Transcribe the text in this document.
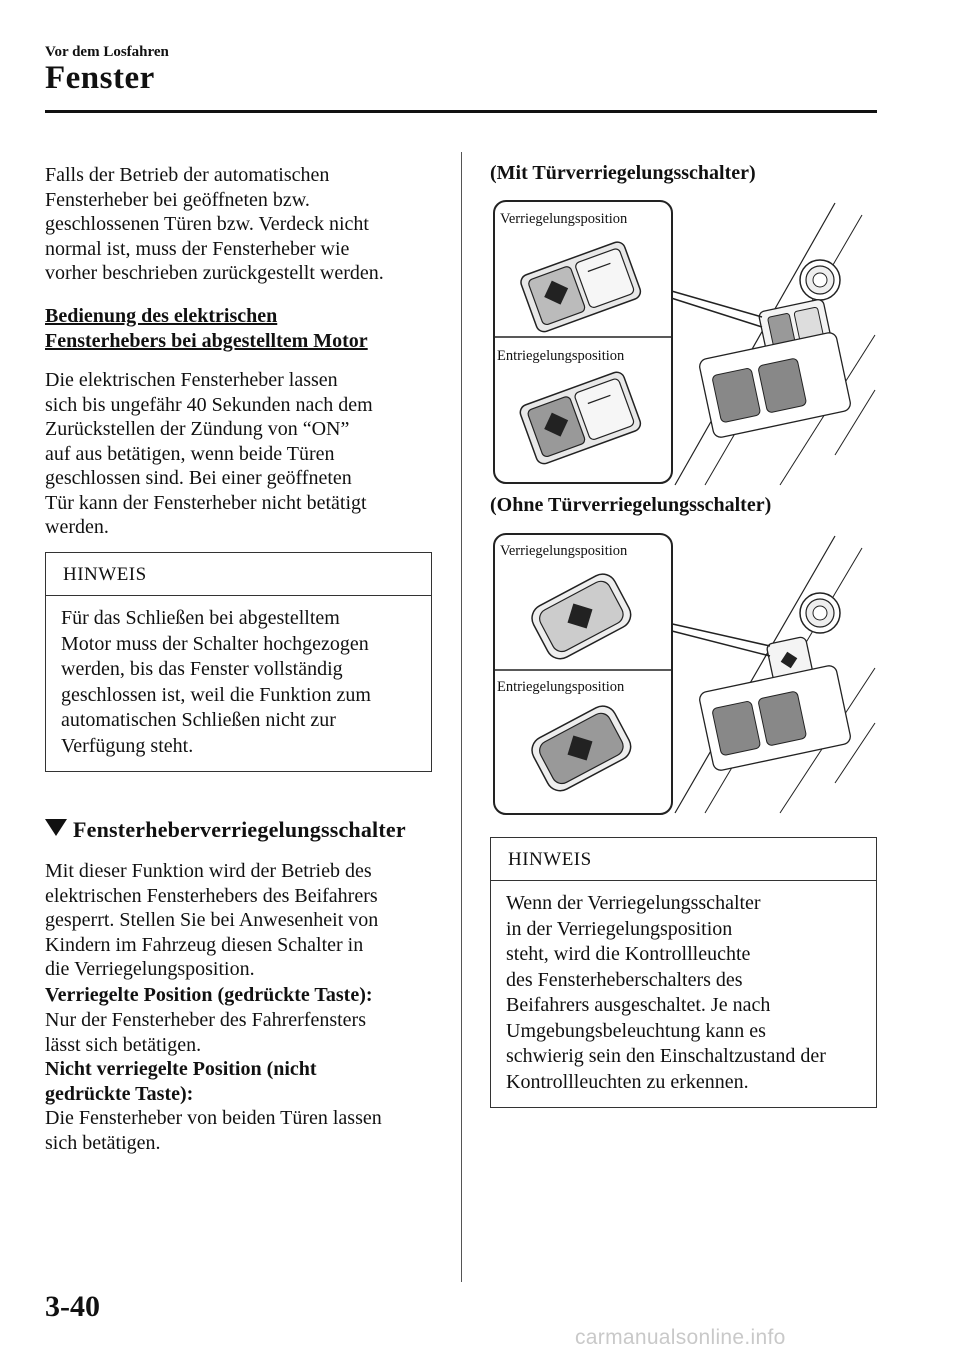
Vor dem Losfahren
Fenster
Falls der Betrieb der automatischen
Fensterheber bei geöffneten bzw.
geschlossenen Türen bzw. Verdeck nicht
normal ist, muss der Fensterheber wie
vorher beschrieben zurückgestellt werden.
Bedienung des elektrischen
Fensterhebers bei abgestelltem Motor
Die elektrischen Fensterheber lassen
sich bis ungefähr 40 Sekunden nach dem
Zurückstellen der Zündung von “ON”
auf aus betätigen, wenn beide Türen
geschlossen sind. Bei einer geöffneten
Tür kann der Fensterheber nicht betätigt
werden.
HINWEIS
Für das Schließen bei abgestelltem
Motor muss der Schalter hochgezogen
werden, bis das Fenster vollständig
geschlossen ist, weil die Funktion zum
automatischen Schließen nicht zur
Verfügung steht.
Fensterheberverriegelungsschalter
Mit dieser Funktion wird der Betrieb des
elektrischen Fensterhebers des Beifahrers
gesperrt. Stellen Sie bei Anwesenheit von
Kindern im Fahrzeug diesen Schalter in
die Verriegelungsposition.
Verriegelte Position (gedrückte Taste):
Nur der Fensterheber des Fahrerfensters
lässt sich betätigen.
Nicht verriegelte Position (nicht
gedrückte Taste):
Die Fensterheber von beiden Türen lassen
sich betätigen.
(Mit Türverriegelungsschalter)
Verriegelungsposition
Entriegelungsposition
(Ohne Türverriegelungsschalter)
Verriegelungsposition
Entriegelungsposition
HINWEIS
Wenn der Verriegelungsschalter
in der Verriegelungsposition
steht, wird die Kontrollleuchte
des Fensterheberschalters des
Beifahrers ausgeschaltet. Je nach
Umgebungsbeleuchtung kann es
schwierig sein den Einschaltzustand der
Kontrollleuchten zu erkennen.
3-40
carmanualsonline.info
